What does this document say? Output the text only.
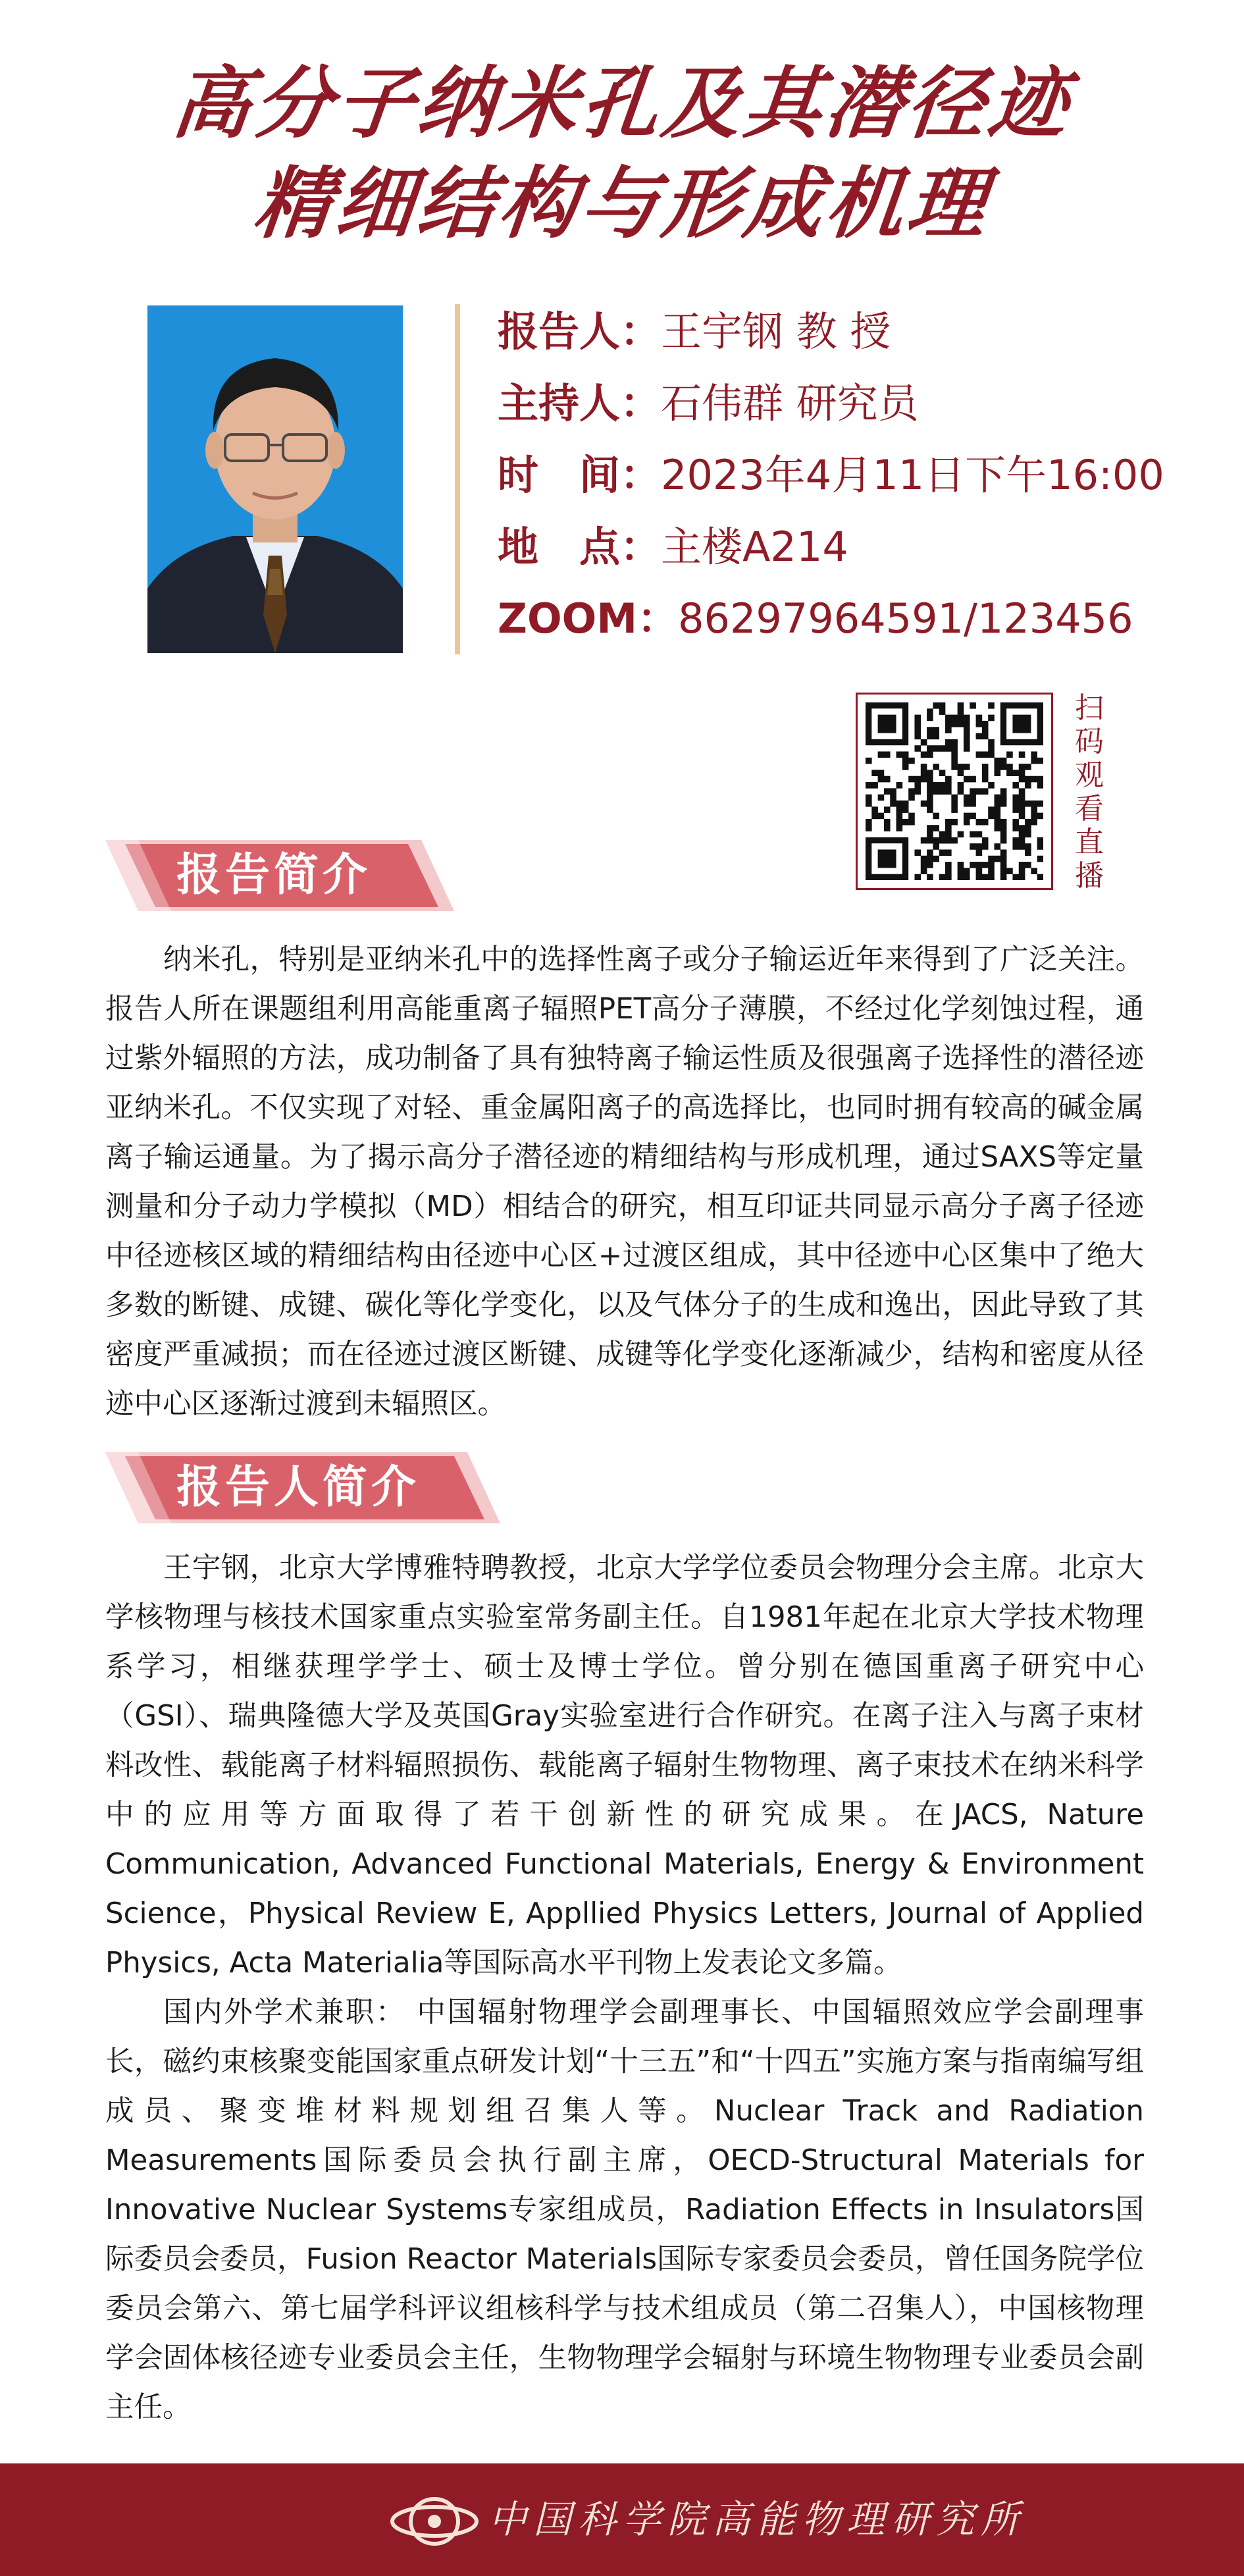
高分子纳米孔及其潜径迹
精细结构与形成机理
报告人：王宇钢 教 授
主持人：石伟群 研究员
时　间：2023年4月11日下午16:00
地　点：主楼A214
ZOOM：86297964591/123456
扫码观看直播
报告简介
纳米孔，特别是亚纳米孔中的选择性离子或分子输运近年来得到了广泛关注。报告人所在课题组利用高能重离子辐照PET高分子薄膜，不经过化学刻蚀过程，通过紫外辐照的方法，成功制备了具有独特离子输运性质及很强离子选择性的潜径迹亚纳米孔。不仅实现了对轻、重金属阳离子的高选择比，也同时拥有较高的碱金属离子输运通量。为了揭示高分子潜径迹的精细结构与形成机理，通过SAXS等定量测量和分子动力学模拟（MD）相结合的研究，相互印证共同显示高分子离子径迹中径迹核区域的精细结构由径迹中心区+过渡区组成，其中径迹中心区集中了绝大多数的断键、成键、碳化等化学变化，以及气体分子的生成和逸出，因此导致了其密度严重减损；而在径迹过渡区断键、成键等化学变化逐渐减少，结构和密度从径迹中心区逐渐过渡到未辐照区。
报告人简介
王宇钢，北京大学博雅特聘教授，北京大学学位委员会物理分会主席。北京大学核物理与核技术国家重点实验室常务副主任。自1981年起在北京大学技术物理系学习，相继获理学学士、硕士及博士学位。曾分别在德国重离子研究中心（GSI）、瑞典隆德大学及英国Gray实验室进行合作研究。在离子注入与离子束材料改性、载能离子材料辐照损伤、载能离子辐射生物物理、离子束技术在纳米科学中的应用等方面取得了若干创新性的研究成果。在JACS, Nature Communication, Advanced Functional Materials, Energy & Environment Science，Physical Review E, Appllied Physics Letters, Journal of Applied Physics, Acta Materialia等国际高水平刊物上发表论文多篇。
国内外学术兼职： 中国辐射物理学会副理事长、中国辐照效应学会副理事长，磁约束核聚变能国家重点研发计划“十三五”和“十四五”实施方案与指南编写组成员、聚变堆材料规划组召集人等。Nuclear Track and Radiation Measurements国际委员会执行副主席，OECD-Structural Materials for Innovative Nuclear Systems专家组成员，Radiation Effects in Insulators国际委员会委员，Fusion Reactor Materials国际专家委员会委员，曾任国务院学位委员会第六、第七届学科评议组核科学与技术组成员（第二召集人），中国核物理学会固体核径迹专业委员会主任，生物物理学会辐射与环境生物物理专业委员会副主任。
中国科学院高能物理研究所
